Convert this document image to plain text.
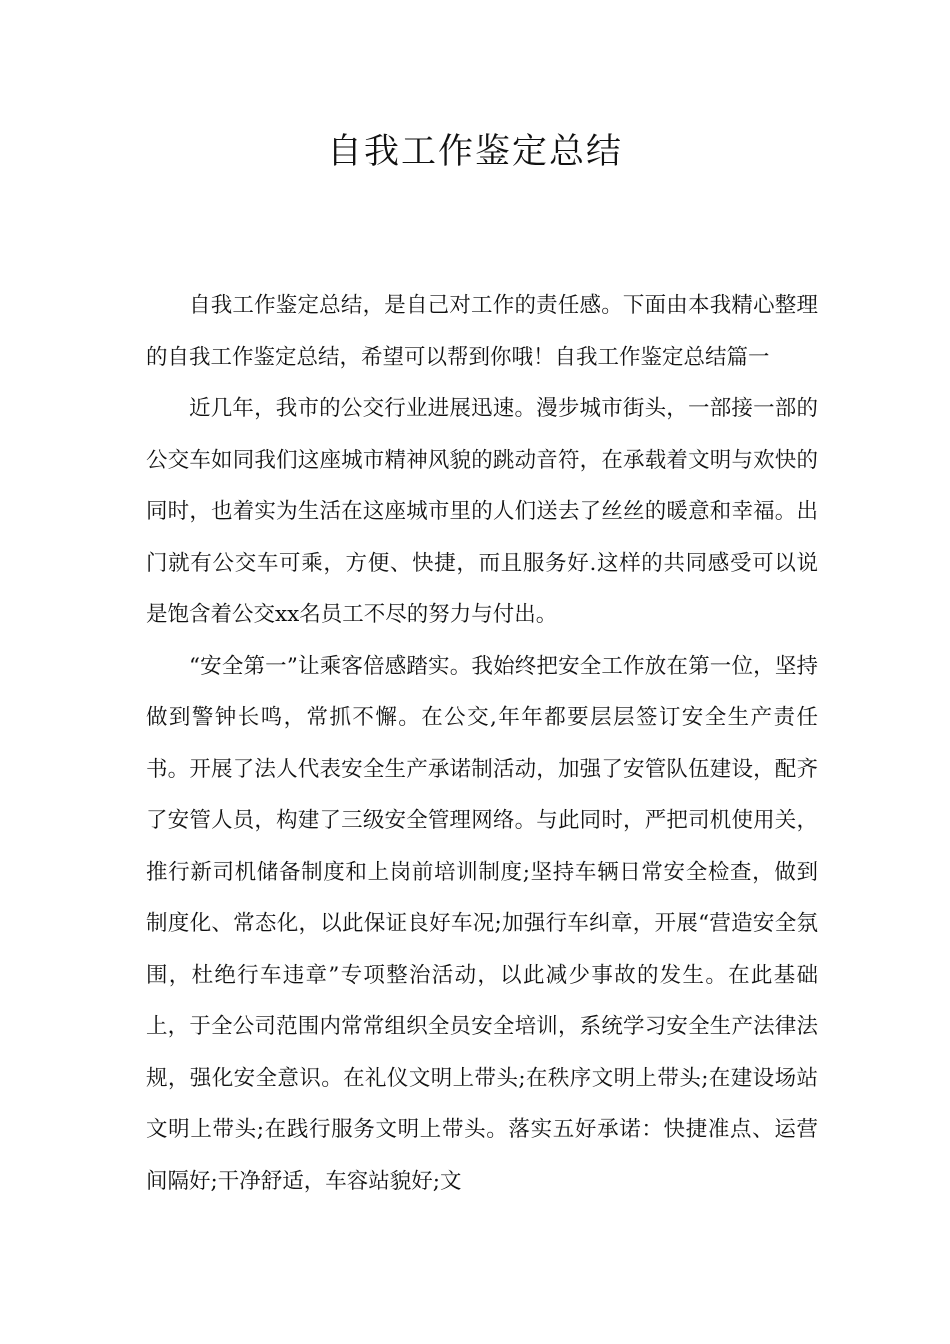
自我工作鉴定总结

自我工作鉴定总结，是自己对工作的责任感。下面由本我精心整理的自我工作鉴定总结，希望可以帮到你哦！自我工作鉴定总结篇一

近几年，我市的公交行业进展迅速。漫步城市街头，一部接一部的公交车如同我们这座城市精神风貌的跳动音符，在承载着文明与欢快的同时，也着实为生活在这座城市里的人们送去了丝丝的暖意和幸福。出门就有公交车可乘，方便、快捷，而且服务好.这样的共同感受可以说是饱含着公交xx名员工不尽的努力与付出。

“安全第一”让乘客倍感踏实。我始终把安全工作放在第一位，坚持做到警钟长鸣，常抓不懈。在公交,年年都要层层签订安全生产责任书。开展了法人代表安全生产承诺制活动，加强了安管队伍建设，配齐了安管人员，构建了三级安全管理网络。与此同时，严把司机使用关，推行新司机储备制度和上岗前培训制度;坚持车辆日常安全检查，做到制度化、常态化，以此保证良好车况;加强行车纠章，开展“营造安全氛围，杜绝行车违章”专项整治活动，以此减少事故的发生。在此基础上，于全公司范围内常常组织全员安全培训，系统学习安全生产法律法规，强化安全意识。在礼仪文明上带头;在秩序文明上带头;在建设场站文明上带头;在践行服务文明上带头。落实五好承诺：快捷准点、运营间隔好;干净舒适，车容站貌好;文
